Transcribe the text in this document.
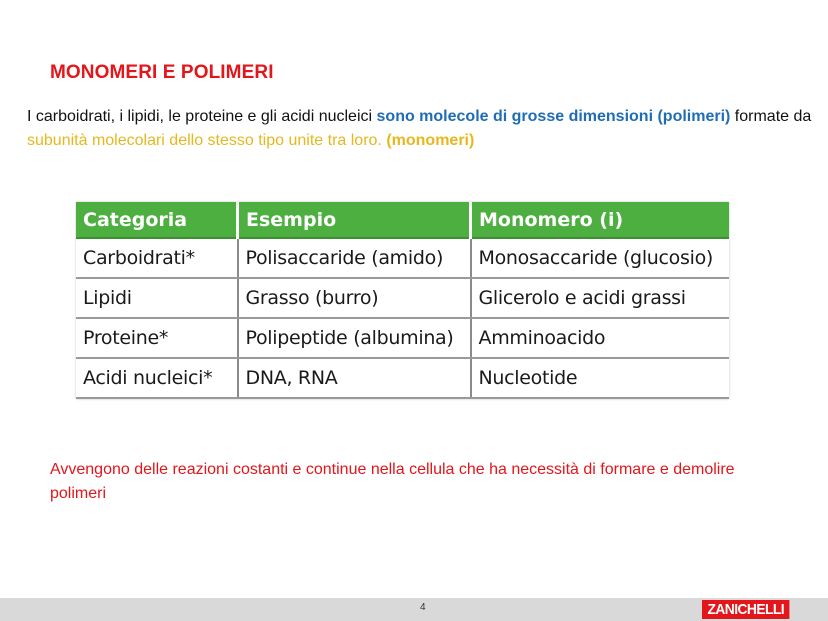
MONOMERI E POLIMERI
I carboidrati, i lipidi, le proteine e gli acidi nucleici sono molecole di grosse dimensioni (polimeri) formate da subunità molecolari dello stesso tipo unite tra loro. (monomeri)
Categoria	Esempio	Monomero (i)
Carboidrati*	Polisaccaride (amido)	Monosaccaride (glucosio)
Lipidi	Grasso (burro)	Glicerolo e acidi grassi
Proteine*	Polipeptide (albumina)	Amminoacido
Acidi nucleici*	DNA, RNA	Nucleotide
Avvengono delle reazioni costanti e continue nella cellula che ha necessità di formare e demolire polimeri
4	ZANICHELLI
